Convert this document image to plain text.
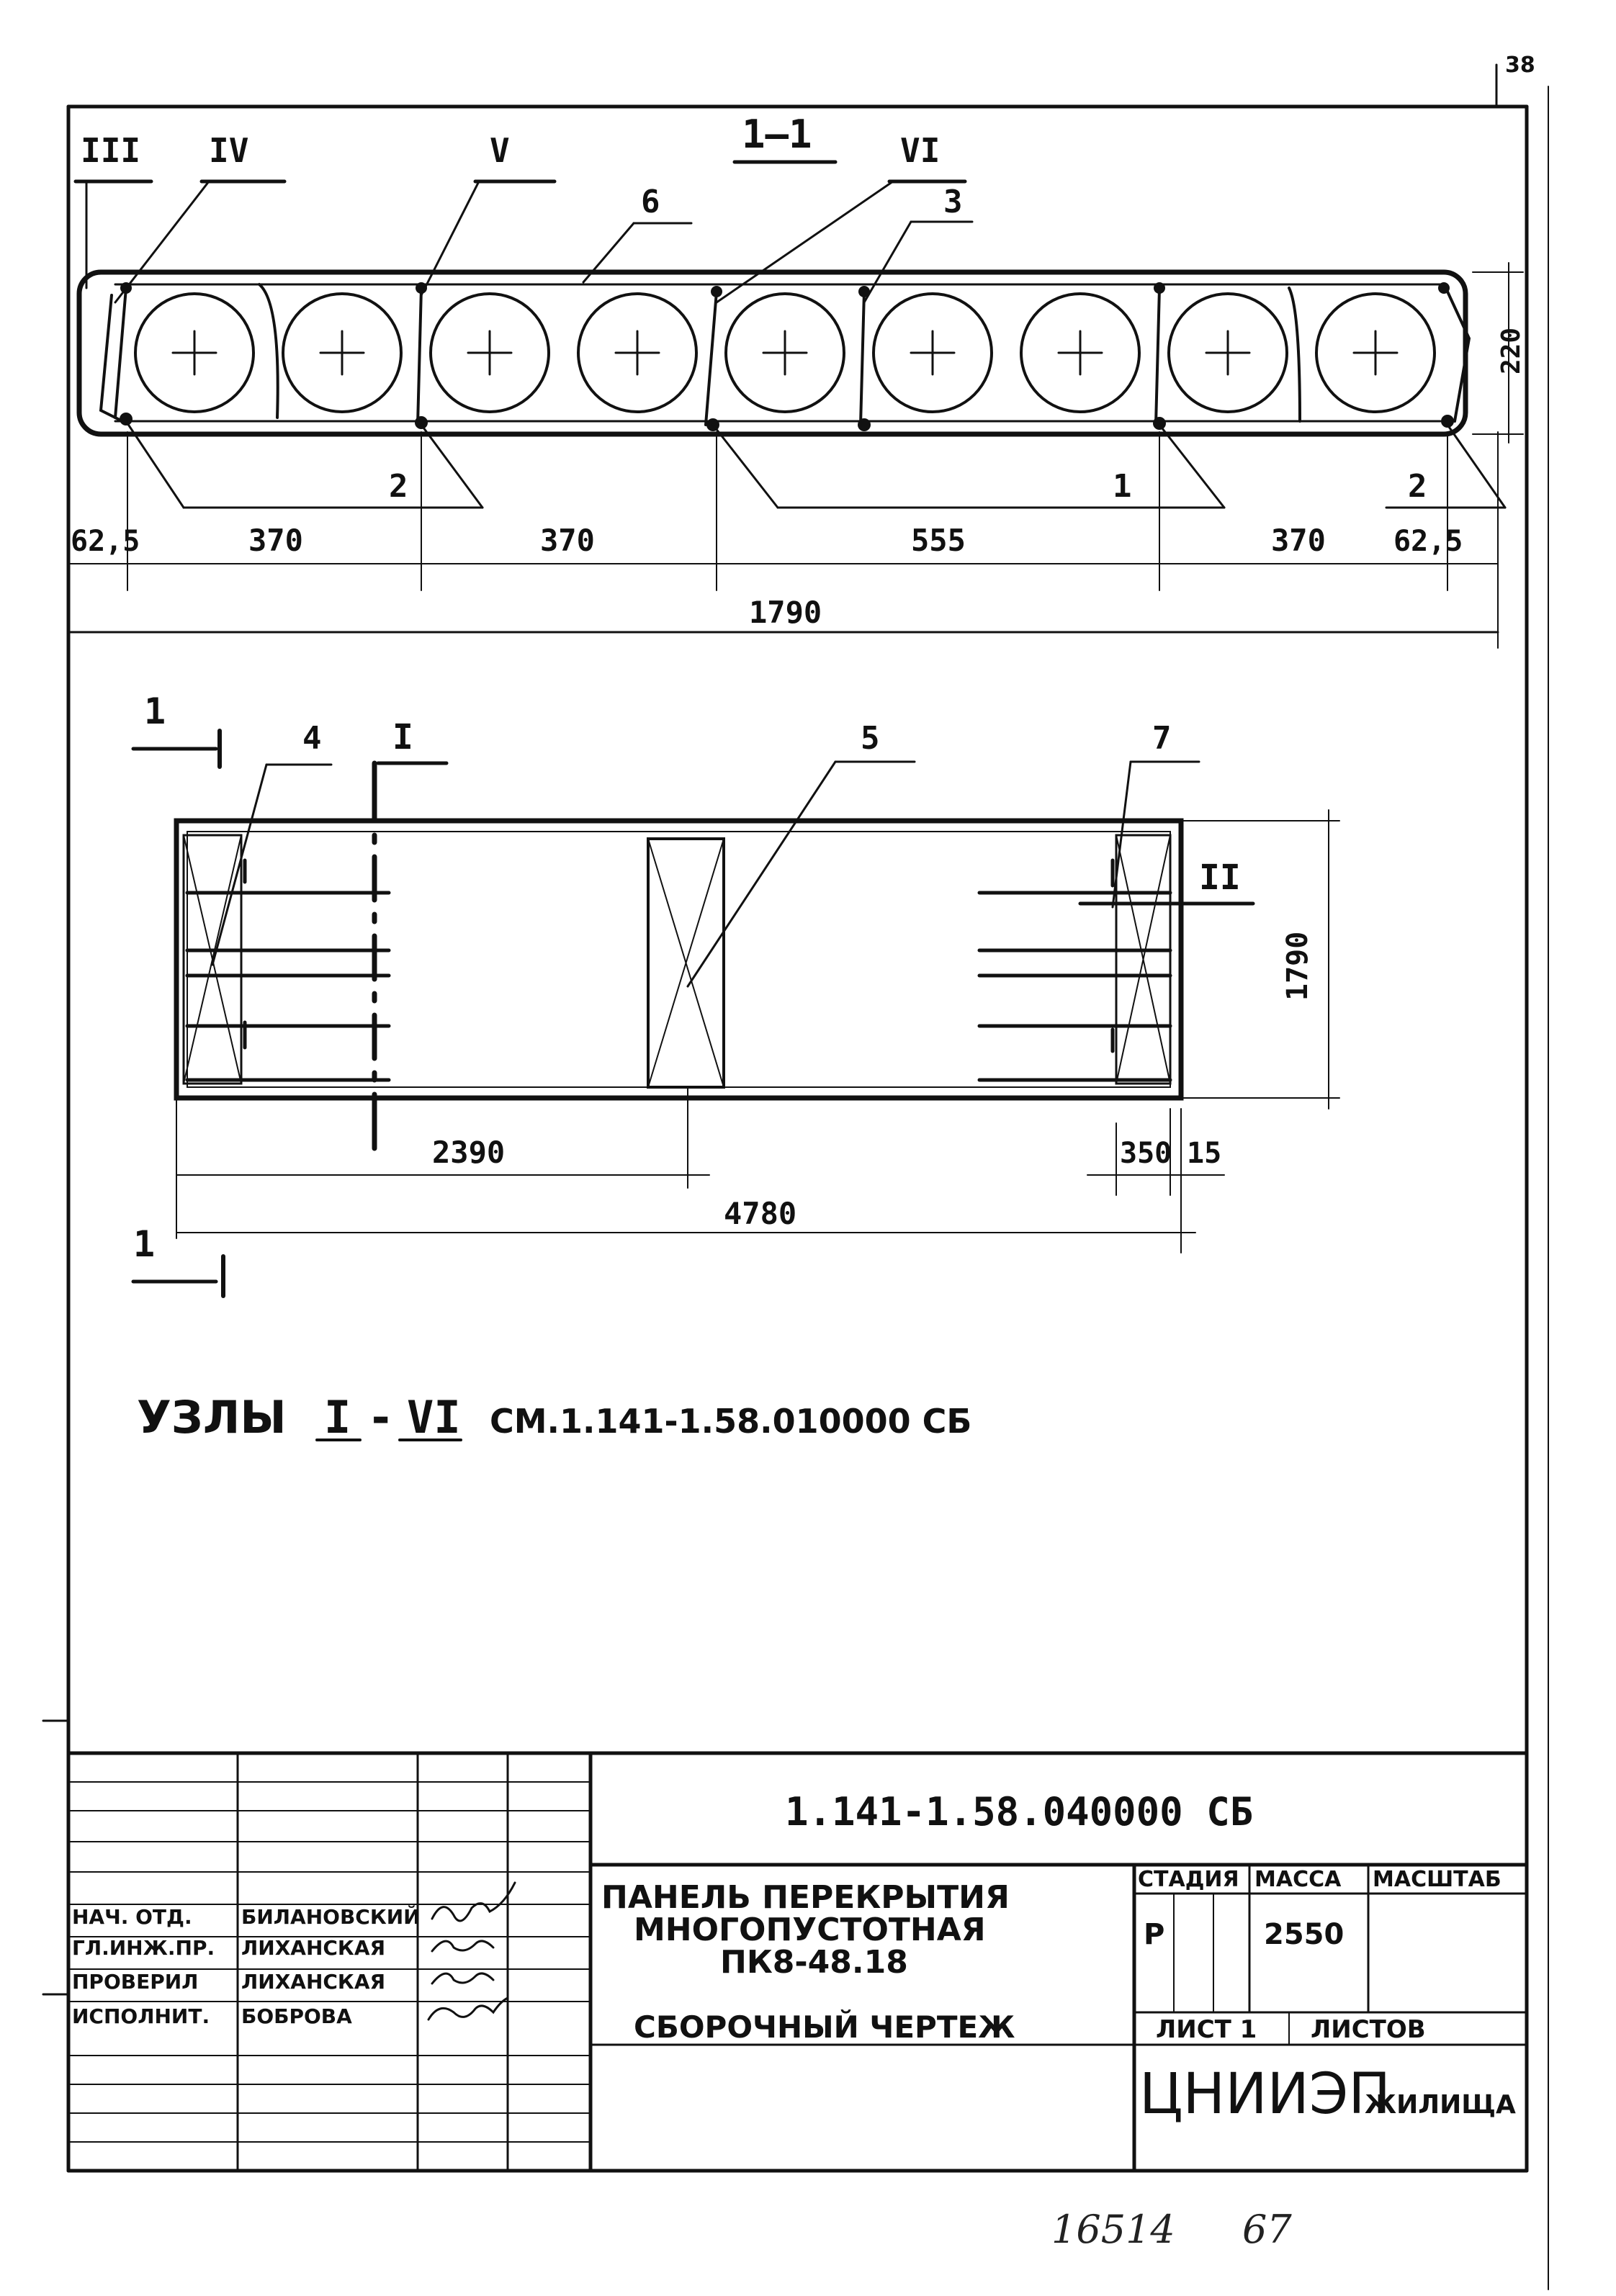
38
1—1
III IV	V	VI
6	3
2	1	2
220
62,5	370	370	555	370 62,5
1790
1
1
I
II
4	5	7
1790
2390	350 15
4780
УЗЛЫ I - VI СМ.1.141-1.58.010000 СБ
1.141-1.58.040000 СБ
ПАНЕЛЬ ПЕРЕКРЫТИЯ
МНОГОПУСТОТНАЯ
ПК8-48.18
СБОРОЧНЫЙ ЧЕРТЕЖ
СТАДИЯ МАССА МАСШТАБ
Р	2550
ЛИСТ 1 ЛИСТОВ
ЦНИИЭП
ЖИЛИЩА
НАЧ. ОТД. БИЛАНОВСКИЙ
ГЛ.ИНЖ.ПР. ЛИХАНСКАЯ
ПРОВЕРИЛ ЛИХАНСКАЯ
ИСПОЛНИТ. БОБРОВА
16514 67
